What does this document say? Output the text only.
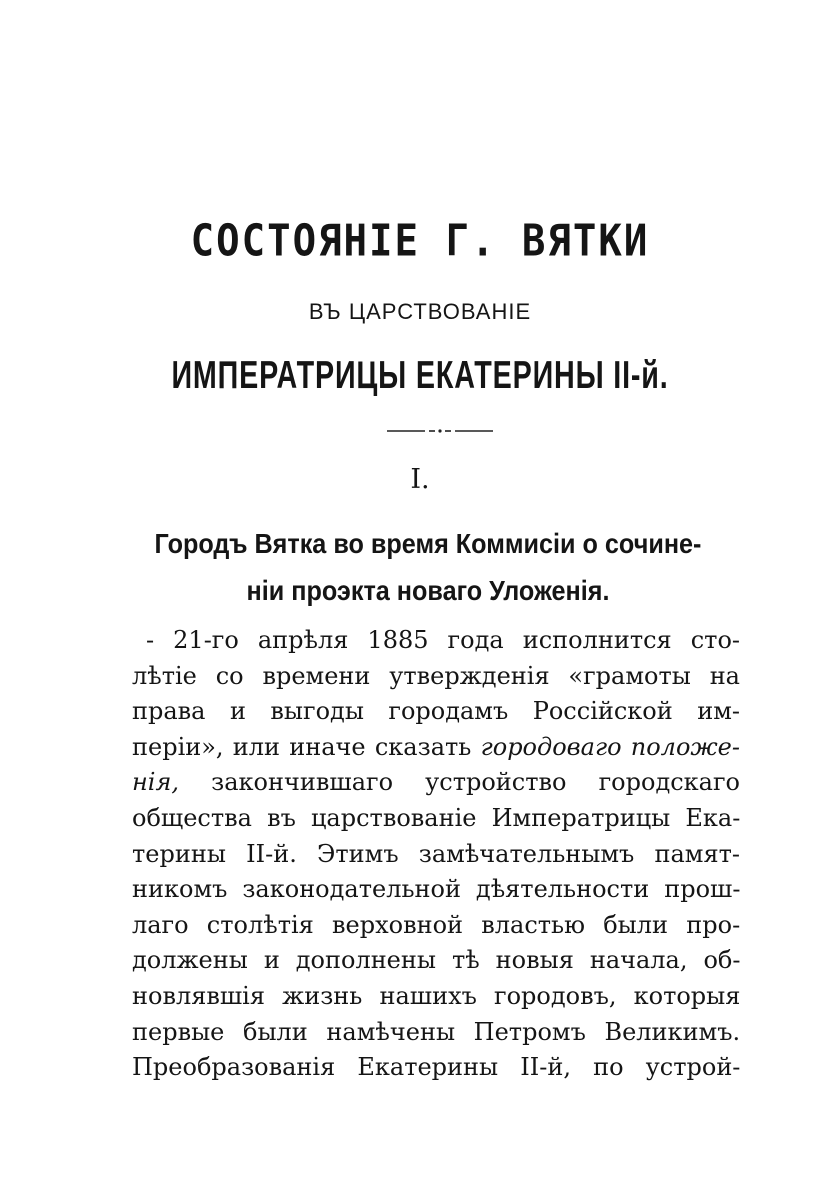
СОСТОЯНІЕ Г. ВЯТКИ
ВЪ ЦАРСТВОВАНІЕ
ИМПЕРАТРИЦЫ ЕКАТЕРИНЫ II-й.
I.
Городъ Вятка во время Коммисіи о сочине-
ніи проэкта новаго Уложенія.
- 21-го апрѣля 1885 года исполнится сто-
лѣтіе со времени утвержденія «грамоты на
права и выгоды городамъ Россійской им-
періи», или иначе сказать городоваго положе-
нія, закончившаго устройство городскаго
общества въ царствованіе Императрицы Ека-
терины II-й. Этимъ замѣчательнымъ памят-
никомъ законодательной дѣятельности прош-
лаго столѣтія верховной властью были про-
должены и дополнены тѣ новыя начала, об-
новлявшія жизнь нашихъ городовъ, которыя
первые были намѣчены Петромъ Великимъ.
Преобразованія Екатерины II-й, по устрой-
